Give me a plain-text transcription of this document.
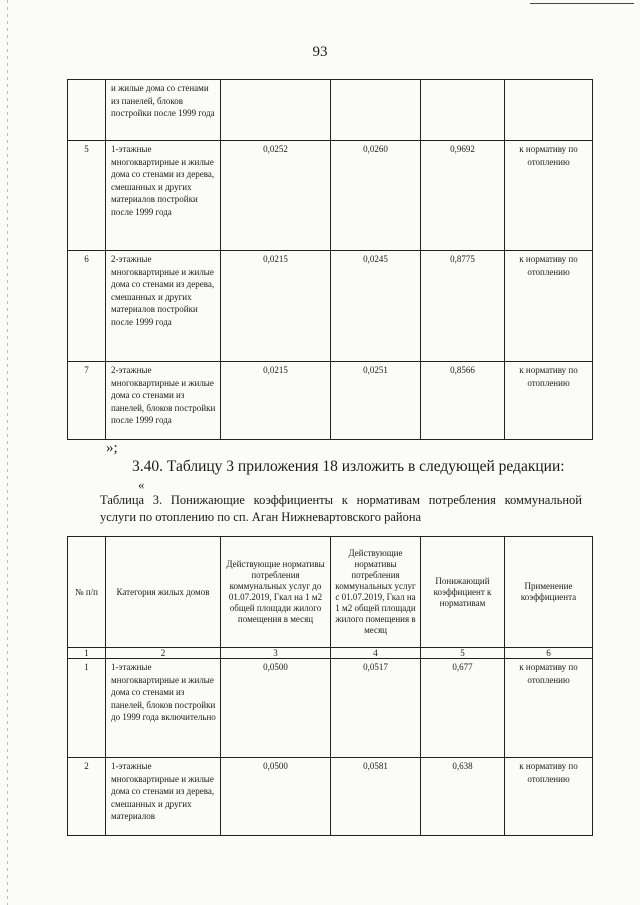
93
	и жилые дома со стенами из панелей, блоков постройки после 1999 года				
5	1-этажные многоквартирные и жилые дома со стенами из дерева, смешанных и других материалов постройки после 1999 года	0,0252	0,0260	0,9692	к нормативу по отоплению
6	2-этажные многоквартирные и жилые дома со стенами из дерева, смешанных и других материалов постройки после 1999 года	0,0215	0,0245	0,8775	к нормативу по отоплению
7	2-этажные многоквартирные и жилые дома со стенами из панелей, блоков постройки после 1999 года	0,0215	0,0251	0,8566	к нормативу по отоплению
»;
3.40. Таблицу 3 приложения 18 изложить в следующей редакции:
«
Таблица 3. Понижающие коэффициенты к нормативам потребления коммунальной услуги по отоплению по сп. Аган Нижневартовского района
№ п/п	Категория жилых домов	Действующие нормативы потребления коммунальных услуг до 01.07.2019, Гкал на 1 м2 общей площади жилого помещения в месяц	Действующие нормативы потребления коммунальных услуг с 01.07.2019, Гкал на 1 м2 общей площади жилого помещения в месяц	Понижающий коэффициент к нормативам	Применение коэффициента
1	2	3	4	5	6
1	1-этажные многоквартирные и жилые дома со стенами из панелей, блоков постройки до 1999 года включительно	0,0500	0,0517	0,677	к нормативу по отоплению
2	1-этажные многоквартирные и жилые дома со стенами из дерева, смешанных и других материалов	0,0500	0,0581	0,638	к нормативу по отоплению
